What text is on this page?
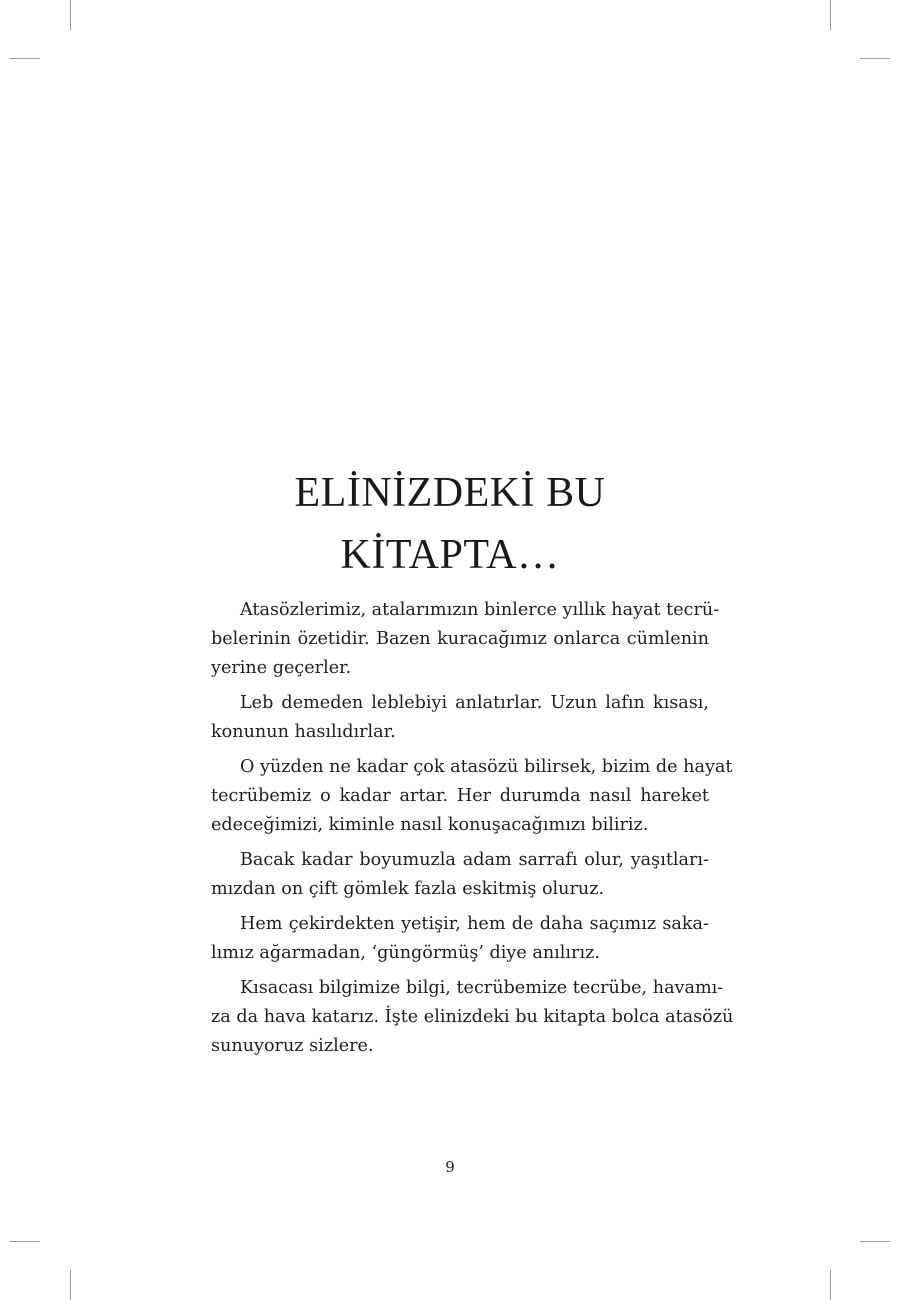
ELİNİZDEKİ BU
KİTAPTA…

Atasözlerimiz, atalarımızın binlerce yıllık hayat tecrü-
belerinin özetidir. Bazen kuracağımız onlarca cümlenin
yerine geçerler.

Leb demeden leblebiyi anlatırlar. Uzun lafın kısası,
konunun hasılıdırlar.

O yüzden ne kadar çok atasözü bilirsek, bizim de hayat
tecrübemiz o kadar artar. Her durumda nasıl hareket
edeceğimizi, kiminle nasıl konuşacağımızı biliriz.

Bacak kadar boyumuzla adam sarrafı olur, yaşıtları-
mızdan on çift gömlek fazla eskitmiş oluruz.

Hem çekirdekten yetişir, hem de daha saçımız saka-
lımız ağarmadan, ‘güngörmüş’ diye anılırız.

Kısacası bilgimize bilgi, tecrübemize tecrübe, havamı-
za da hava katarız. İşte elinizdeki bu kitapta bolca atasözü
sunuyoruz sizlere.

9
